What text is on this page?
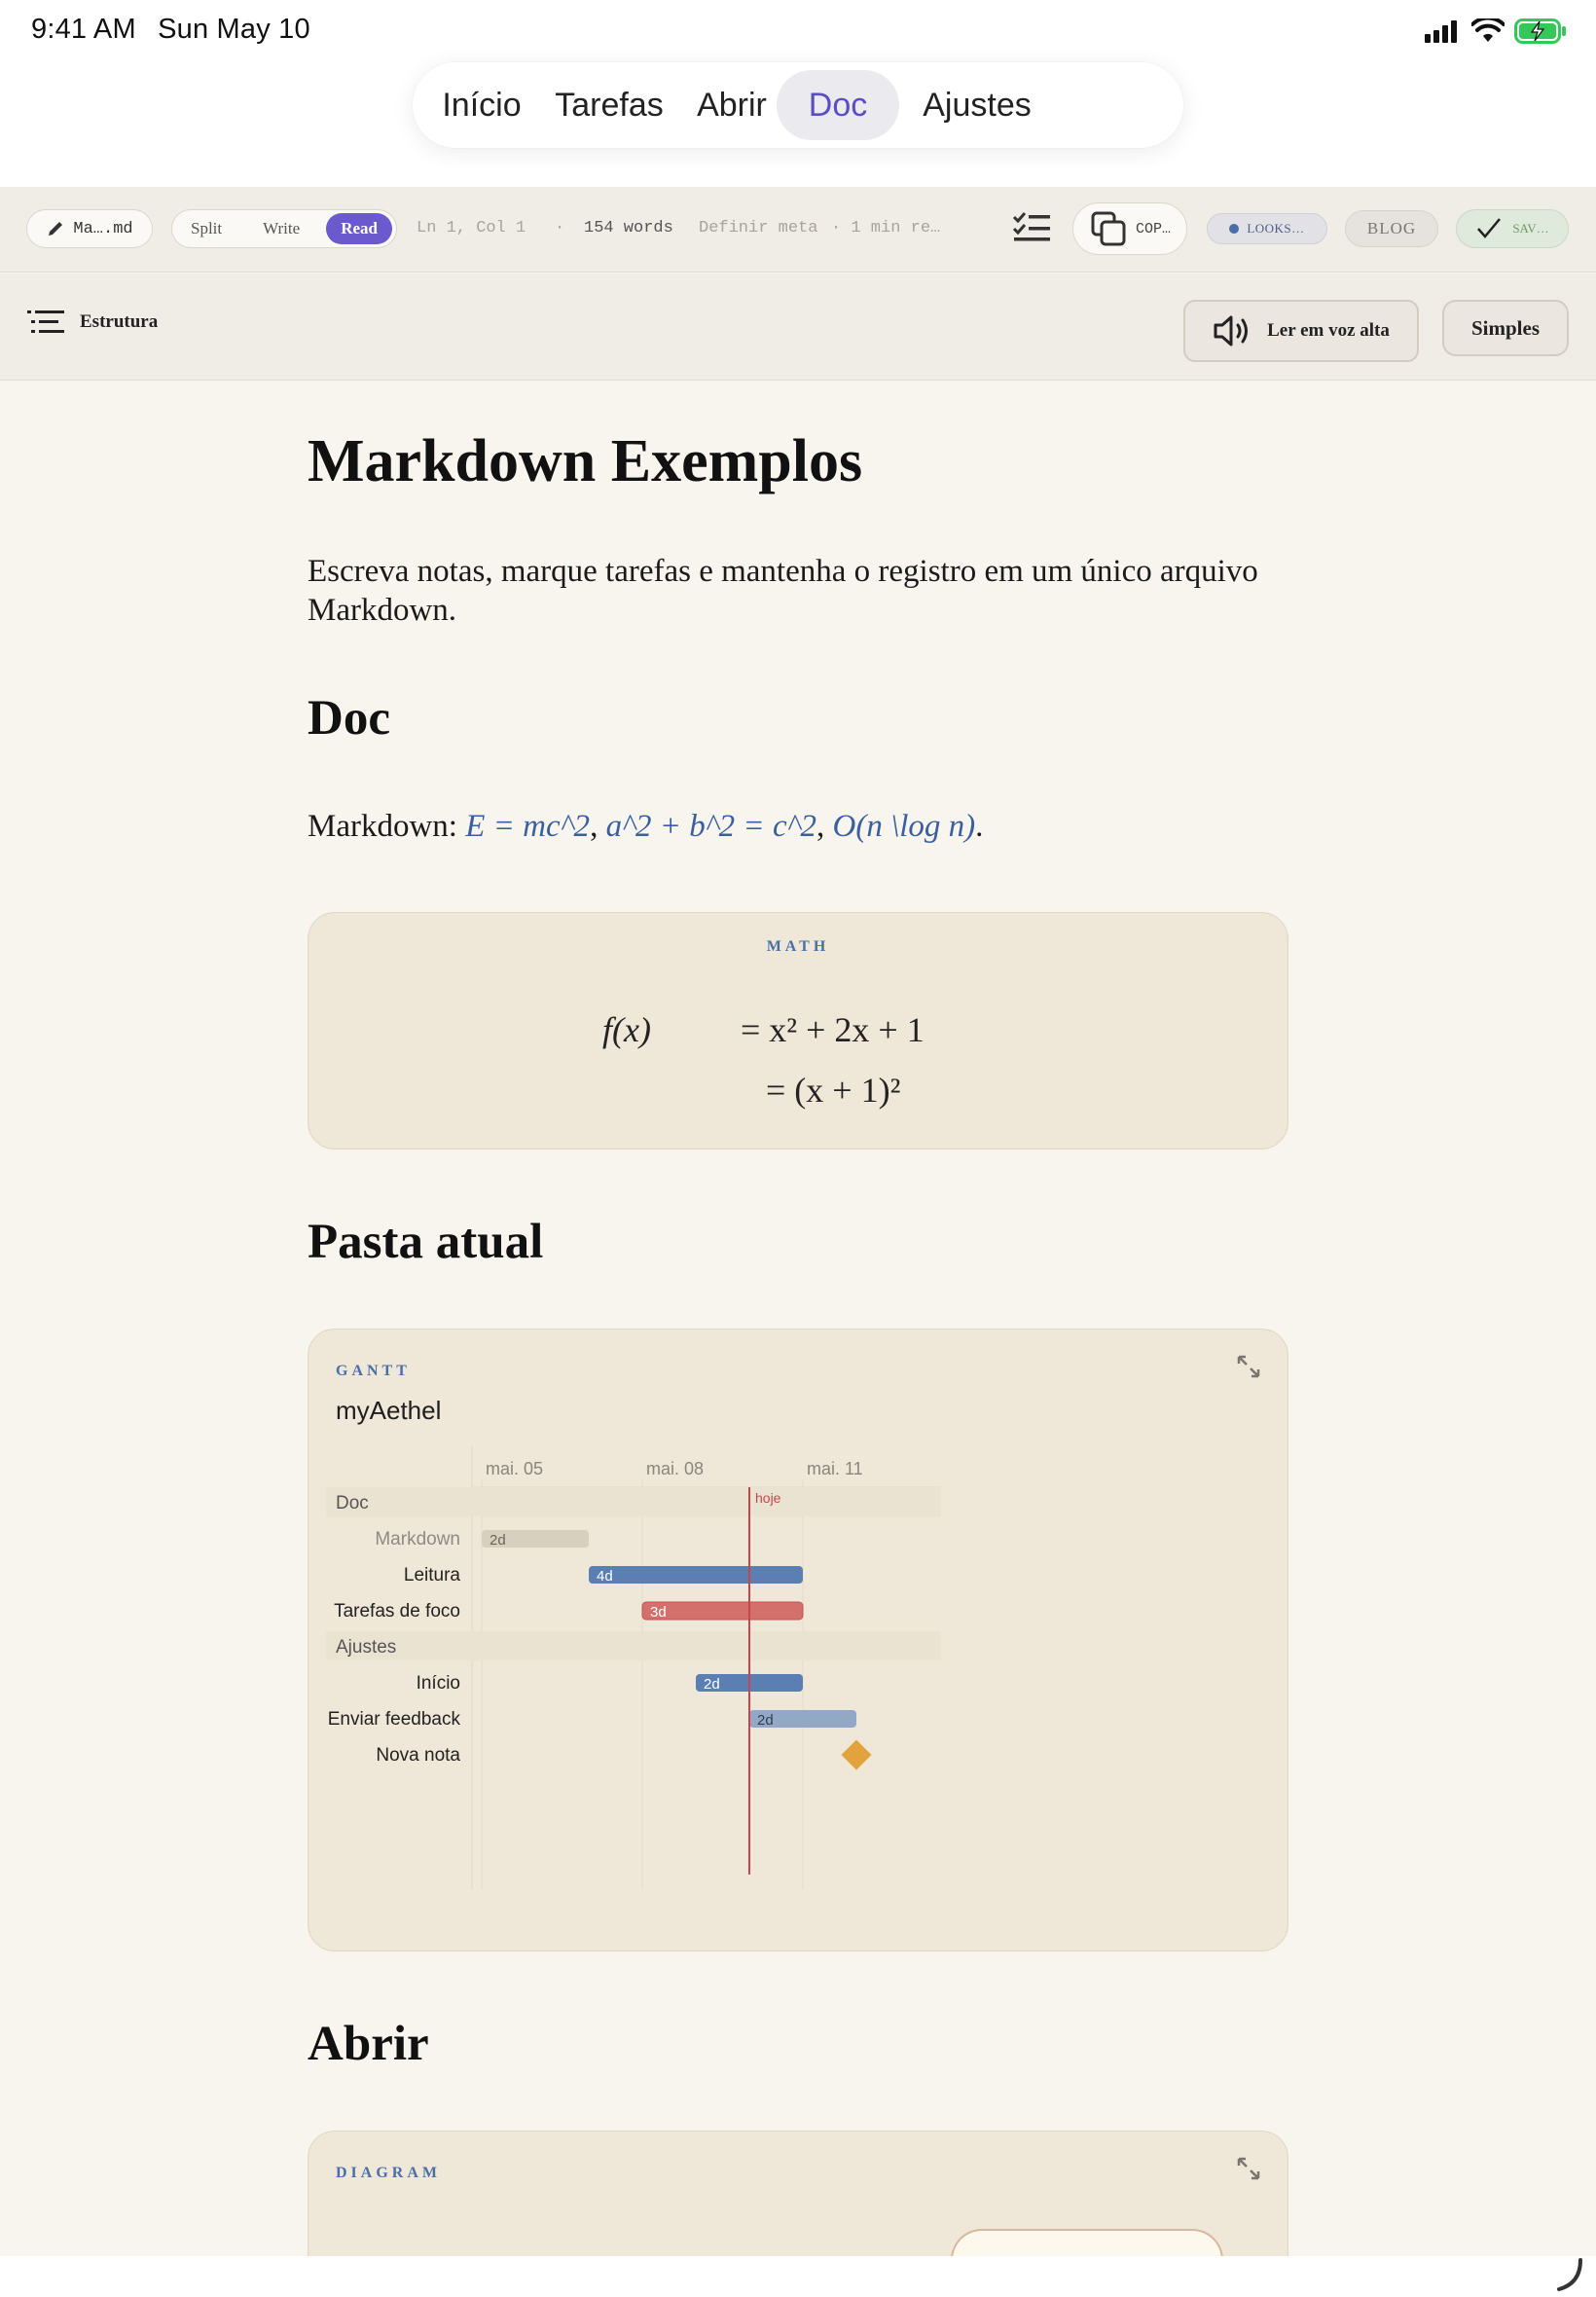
9:41 AM Sun May 10
Início	Tarefas	Abrir	Doc	Ajustes
Ma….md	Split	Write	Read	Ln 1, Col 1 · 154 words Definir meta · 1 min re…	COP…	LOOKS…	BLOG	SAV…
Estrutura	Ler em voz alta	Simples
Markdown Exemplos

Escreva notas, marque tarefas e mantenha o registro em um único arquivo Markdown.

Doc
Markdown: E = mc^2, a^2 + b^2 = c^2, O(n \log n).
MATH
f(x)	= x² + 2x + 1
= (x + 1)²
Pasta atual
GANTT
myAethel
mai. 05	mai. 08	mai. 11
Doc
Markdown 2d
Leitura	4d
Tarefas de foco	3d
Ajustes
Início	2d
Enviar feedback	2d
Nova nota
hoje
Abrir
DIAGRAM
